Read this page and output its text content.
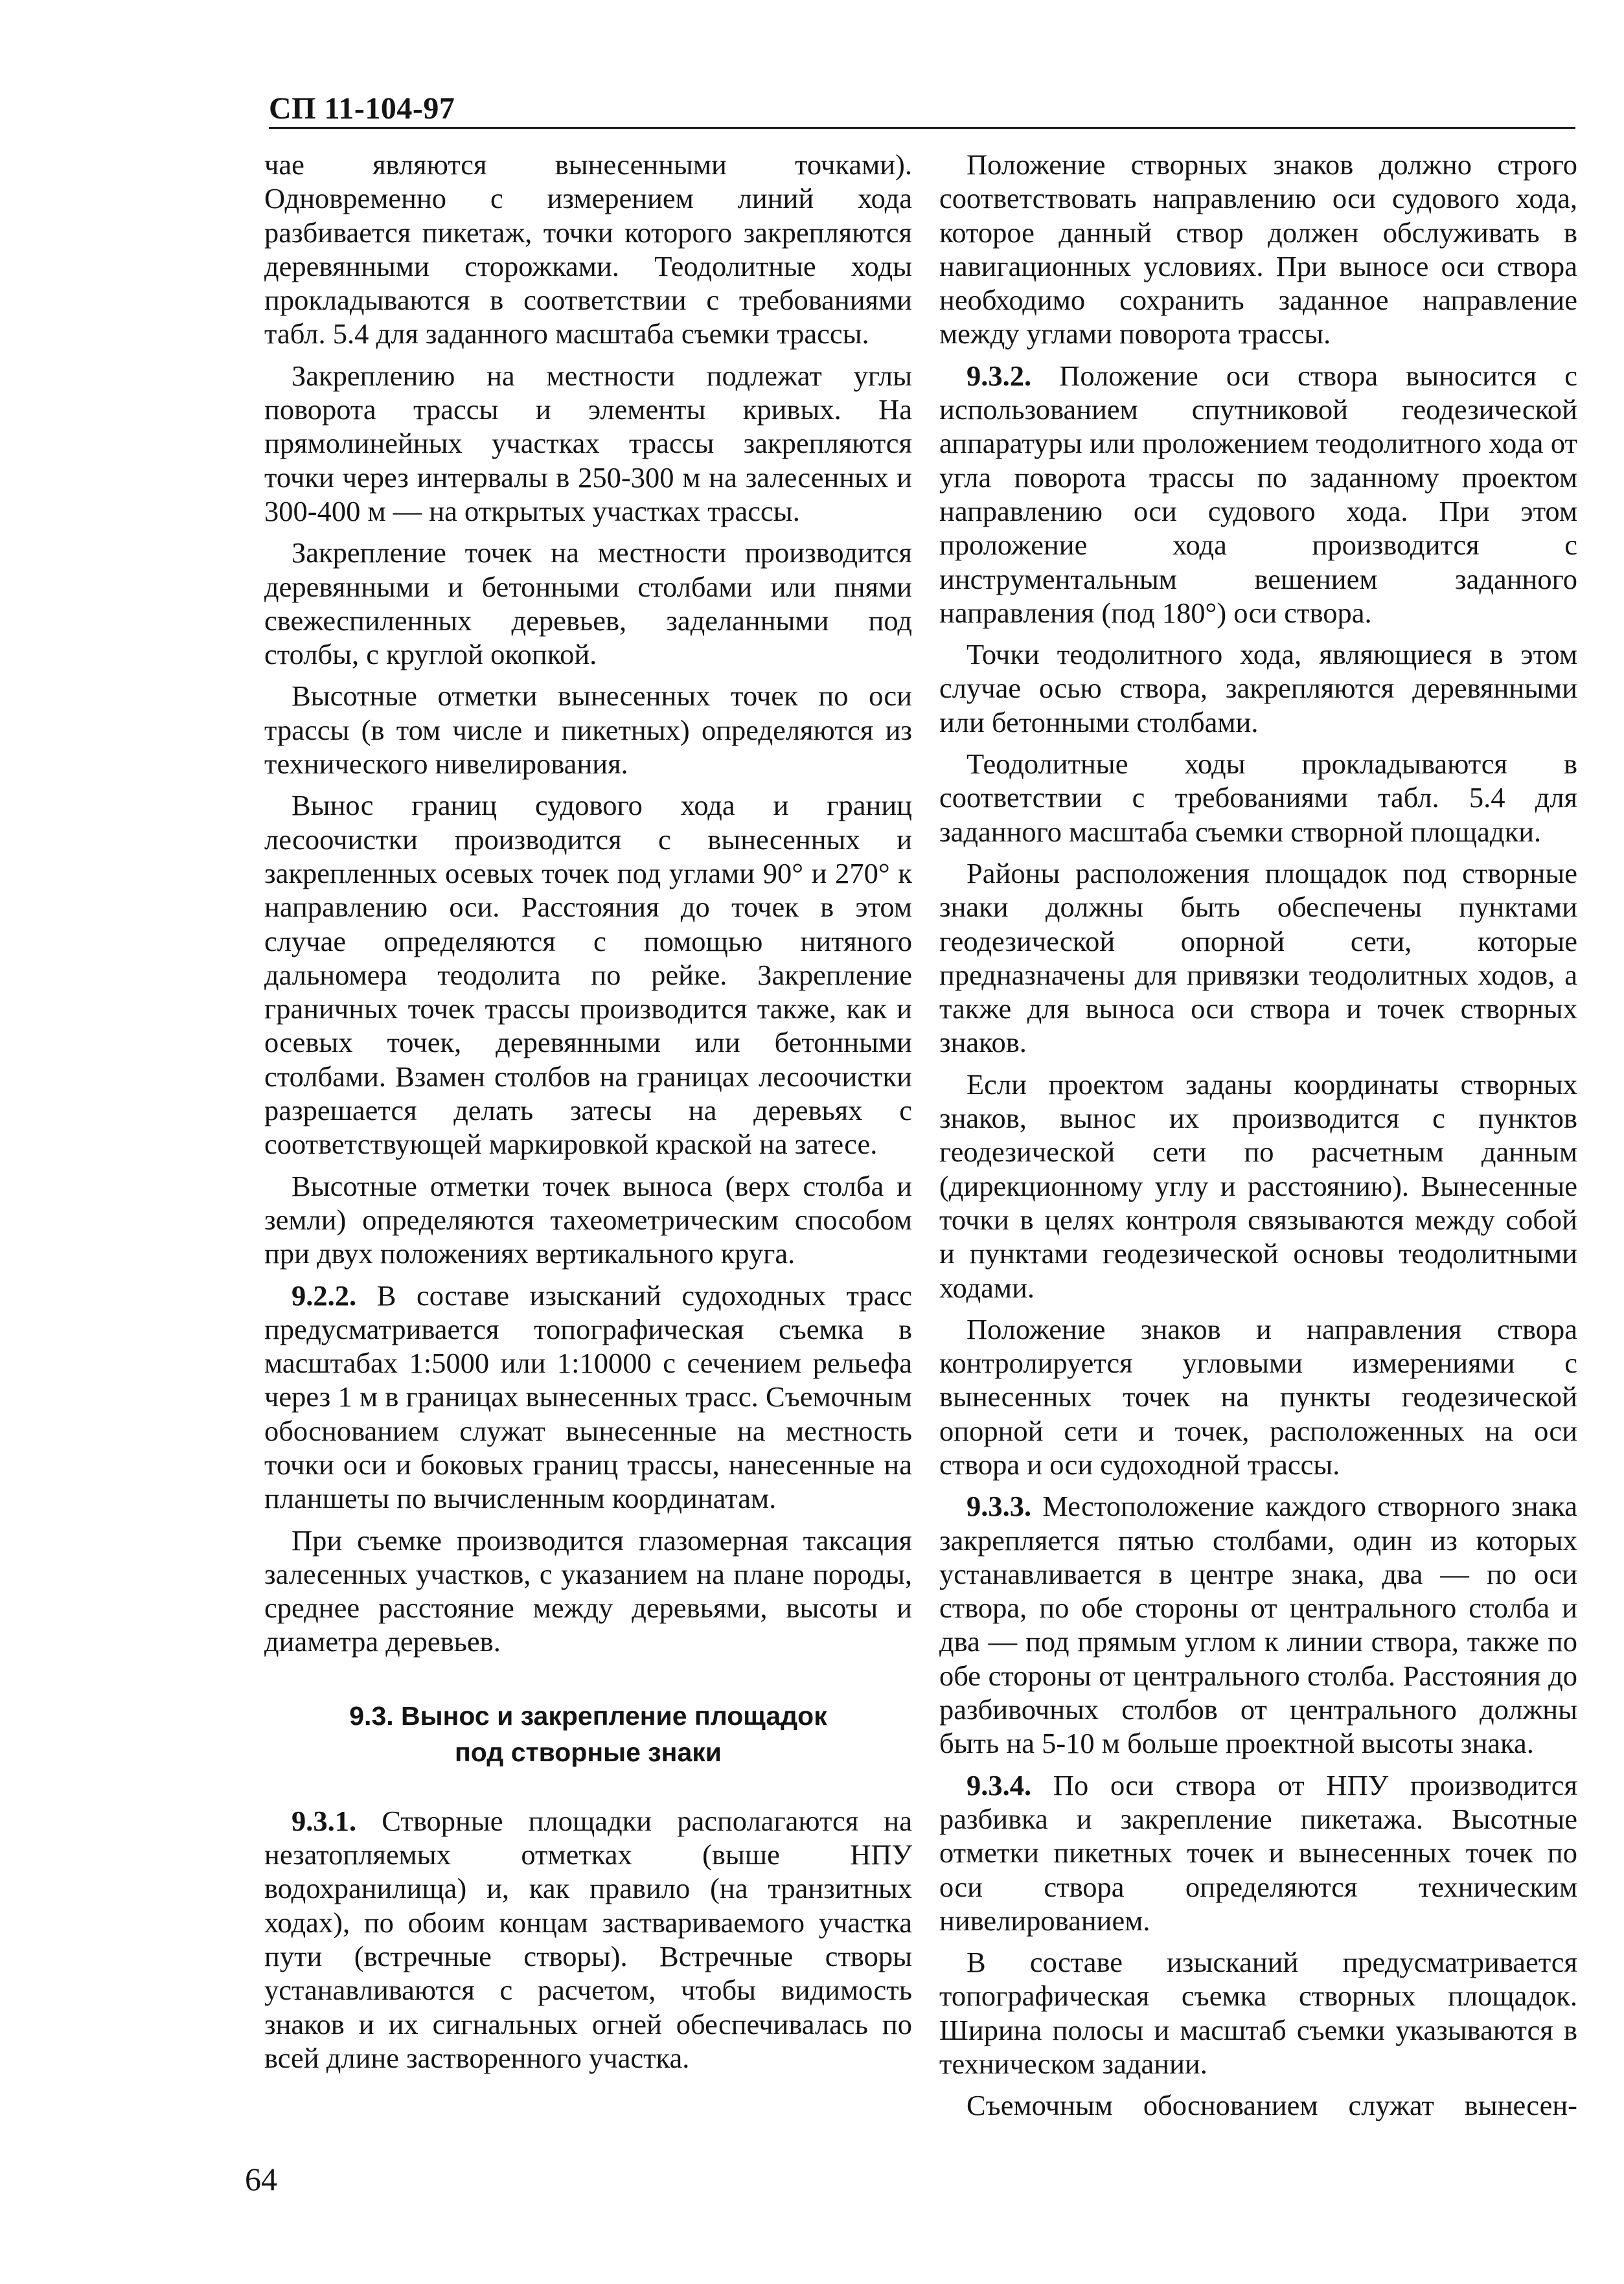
СП 11-104-97

чае являются вынесенными точками). Одновременно с измерением линий хода разбивается пикетаж, точки которого закрепляются деревянными сторожками. Теодолитные ходы прокладываются в соответствии с требованиями табл. 5.4 для заданного масштаба съемки трассы.

Закреплению на местности подлежат углы поворота трассы и элементы кривых. На прямолинейных участках трассы закрепляются точки через интервалы в 250-300 м на залесенных и 300-400 м — на открытых участках трассы.

Закрепление точек на местности производится деревянными и бетонными столбами или пнями свежеспиленных деревьев, заделанными под столбы, с круглой окопкой.

Высотные отметки вынесенных точек по оси трассы (в том числе и пикетных) определяются из технического нивелирования.

Вынос границ судового хода и границ лесоочистки производится с вынесенных и закрепленных осевых точек под углами 90° и 270° к направлению оси. Расстояния до точек в этом случае определяются с помощью нитяного дальномера теодолита по рейке. Закрепление граничных точек трассы производится также, как и осевых точек, деревянными или бетонными столбами. Взамен столбов на границах лесоочистки разрешается делать затесы на деревьях с соответствующей маркировкой краской на затесе.

Высотные отметки точек выноса (верх столба и земли) определяются тахеометрическим способом при двух положениях вертикального круга.

9.2.2. В составе изысканий судоходных трасс предусматривается топографическая съемка в масштабах 1:5000 или 1:10000 с сечением рельефа через 1 м в границах вынесенных трасс. Съемочным обоснованием служат вынесенные на местность точки оси и боковых границ трассы, нанесенные на планшеты по вычисленным координатам.

При съемке производится глазомерная таксация залесенных участков, с указанием на плане породы, среднее расстояние между деревьями, высоты и диаметра деревьев.

9.3. Вынос и закрепление площадок
под створные знаки

9.3.1. Створные площадки располагаются на незатопляемых отметках (выше НПУ водохранилища) и, как правило (на транзитных ходах), по обоим концам заствариваемого участка пути (встречные створы). Встречные створы устанавливаются с расчетом, чтобы видимость знаков и их сигнальных огней обеспечивалась по всей длине застворенного участка.

Положение створных знаков должно строго соответствовать направлению оси судового хода, которое данный створ должен обслуживать в навигационных условиях. При выносе оси створа необходимо сохранить заданное направление между углами поворота трассы.

9.3.2. Положение оси створа выносится с использованием спутниковой геодезической аппаратуры или проложением теодолитного хода от угла поворота трассы по заданному проектом направлению оси судового хода. При этом проложение хода производится с инструментальным вешением заданного направления (под 180°) оси створа.

Точки теодолитного хода, являющиеся в этом случае осью створа, закрепляются деревянными или бетонными столбами.

Теодолитные ходы прокладываются в соответствии с требованиями табл. 5.4 для заданного масштаба съемки створной площадки.

Районы расположения площадок под створные знаки должны быть обеспечены пунктами геодезической опорной сети, которые предназначены для привязки теодолитных ходов, а также для выноса оси створа и точек створных знаков.

Если проектом заданы координаты створных знаков, вынос их производится с пунктов геодезической сети по расчетным данным (дирекционному углу и расстоянию). Вынесенные точки в целях контроля связываются между собой и пунктами геодезической основы теодолитными ходами.

Положение знаков и направления створа контролируется угловыми измерениями с вынесенных точек на пункты геодезической опорной сети и точек, расположенных на оси створа и оси судоходной трассы.

9.3.3. Местоположение каждого створного знака закрепляется пятью столбами, один из которых устанавливается в центре знака, два — по оси створа, по обе стороны от центрального столба и два — под прямым углом к линии створа, также по обе стороны от центрального столба. Расстояния до разбивочных столбов от центрального должны быть на 5-10 м больше проектной высоты знака.

9.3.4. По оси створа от НПУ производится разбивка и закрепление пикетажа. Высотные отметки пикетных точек и вынесенных точек по оси створа определяются техническим нивелированием.

В составе изысканий предусматривается топографическая съемка створных площадок. Ширина полосы и масштаб съемки указываются в техническом задании.

Съемочным обоснованием служат вынесен-

64
